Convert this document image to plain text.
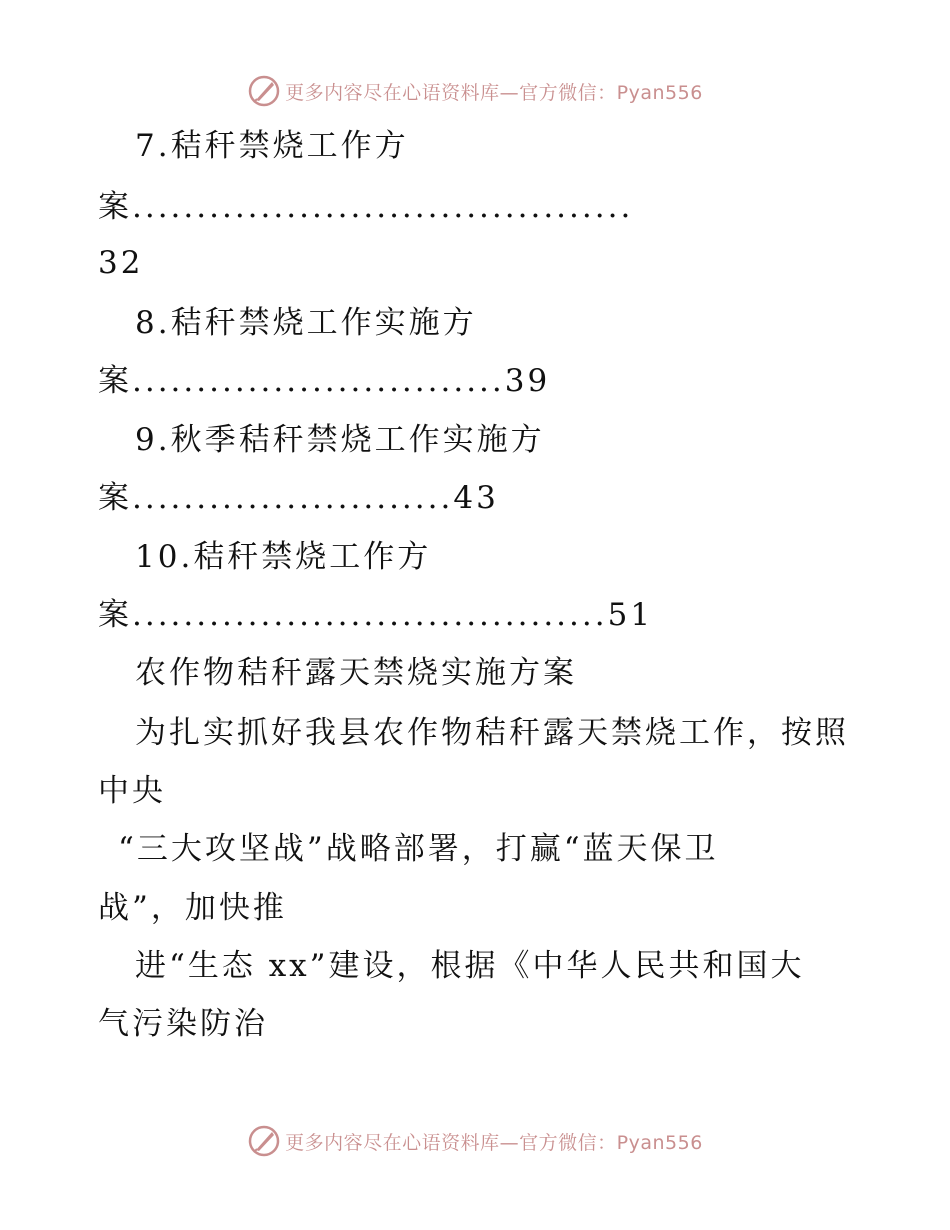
更多内容尽在心语资料库—官方微信：Pyan556
7.秸秆禁烧工作方
案.......................................
32
8.秸秆禁烧工作实施方
案.............................39
9.秋季秸秆禁烧工作实施方
案.........................43
10.秸秆禁烧工作方
案.....................................51
农作物秸秆露天禁烧实施方案
为扎实抓好我县农作物秸秆露天禁烧工作，按照
中央
“三大攻坚战”战略部署，打赢“蓝天保卫
战”，加快推
进“生态 xx”建设，根据《中华人民共和国大
气污染防治
更多内容尽在心语资料库—官方微信：Pyan556
